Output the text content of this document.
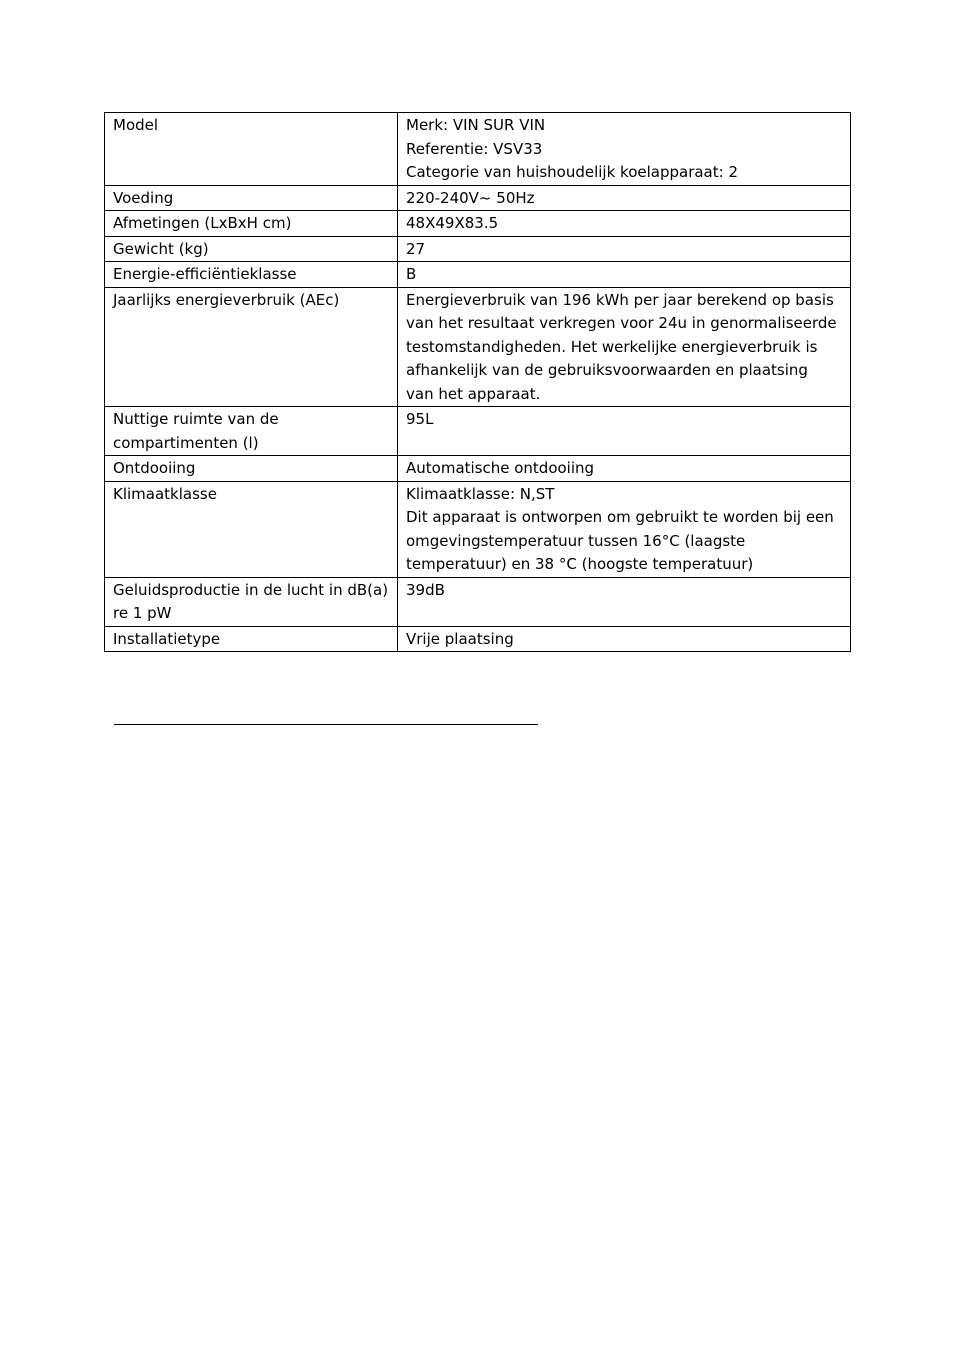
Model	Merk: VIN SUR VIN
Referentie: VSV33
Categorie van huishoudelijk koelapparaat: 2

Voeding	220-240V~ 50Hz
Afmetingen (LxBxH cm)	48X49X83.5
Gewicht (kg)	27
Energie-efficiëntieklasse	B
Jaarlijks energieverbruik (AEc)	Energieverbruik van 196 kWh per jaar berekend op basis van het resultaat verkregen voor 24u in genormaliseerde testomstandigheden. Het werkelijke energieverbruik is afhankelijk van de gebruiksvoorwaarden en plaatsing van het apparaat.
Nuttige ruimte van de compartimenten (l)	95L
Ontdooiing	Automatische ontdooiing
Klimaatklasse	Klimaatklasse: N,ST
Dit apparaat is ontworpen om gebruikt te worden bij een omgevingstemperatuur tussen 16°C (laagste temperatuur) en 38 °C (hoogste temperatuur)

Geluidsproductie in de lucht in dB(a) re 1 pW	39dB
Installatietype	Vrije plaatsing
